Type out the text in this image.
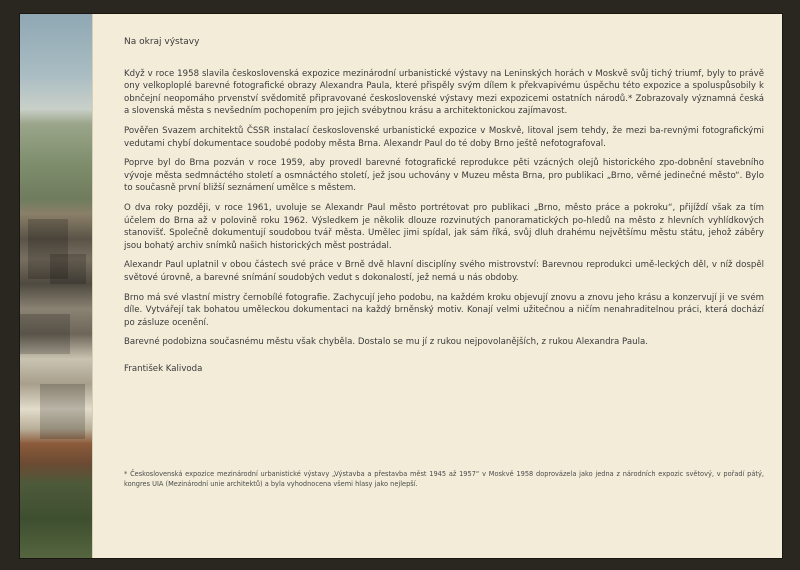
Na okraj výstavy

Když v roce 1958 slavila československá expozice mezinárodní urbanistické výstavy na Leninských horách v Moskvě svůj tichý triumf, byly to právě ony velkoploplé barevné fotografické obrazy Alexandra Paula, které přispěly svým dílem k překvapivému úspěchu této expozice a spoluspůsobily k obnčejní neopomáho prvenství svědomitě připravované československé výstavy mezi expozicemi ostatních národů.* Zobrazovaly významná česká a slovenská města s nevšedním pochopením pro jejich svébytnou krásu a architektonickou zajímavost.

Pověřen Svazem architektů ČSSR instalací československé urbanistické expozice v Moskvě, litoval jsem tehdy, že mezi ba-revnými fotografickými vedutami chybí dokumentace soudobé podoby města Brna. Alexandr Paul do té doby Brno ještě nefotografoval.

Poprve byl do Brna pozván v roce 1959, aby provedl barevné fotografické reprodukce pěti vzácných olejů historického zpo-dobnění stavebního vývoje města sedmnáctého století a osmnáctého století, jež jsou uchovány v Muzeu města Brna, pro publikaci „Brno, věrné jedinečné město“. Bylo to současně první bližší seznámení umělce s městem.

O dva roky později, v roce 1961, uvoluje se Alexandr Paul město portrétovat pro publikaci „Brno, město práce a pokroku“, přijíždí však za tím účelem do Brna až v polovině roku 1962. Výsledkem je několik dlouze rozvinutých panoramatických po-hledů na město z hlevních vyhlídkových stanovišť. Společně dokumentují soudobou tvář města. Umělec jimi spídal, jak sám říká, svůj dluh drahému největšímu městu státu, jehož záběry jsou bohatý archiv snímků našich historických měst postrádal.

Alexandr Paul uplatnil v obou částech své práce v Brně dvě hlavní disciplíny svého mistrovství: Barevnou reprodukci umě-leckých děl, v níž dospěl světové úrovně, a barevné snímání soudobých vedut s dokonalostí, jež nemá u nás obdoby.

Brno má své vlastní mistry černobílé fotografie. Zachycují jeho podobu, na každém kroku objevují znovu a znovu jeho krásu a konzervují ji ve svém díle. Vytvářejí tak bohatou uměleckou dokumentaci na každý brněnský motiv. Konají velmi užitečnou a ničím nenahraditelnou práci, která dochází po zásluze ocenění.

Barevné podobizna současnému městu však chyběla. Dostalo se mu jí z rukou nejpovolanějších, z rukou Alexandra Paula.

František Kalivoda

* Československá expozice mezinárodní urbanistické výstavy „Výstavba a přestavba měst 1945 až 1957“ v Moskvě 1958 doprovázela jako jedna z národních expozic světový, v pořadí pátý, kongres UIA (Mezinárodní unie architektů) a byla vyhodnocena všemi hlasy jako nejlepší.
